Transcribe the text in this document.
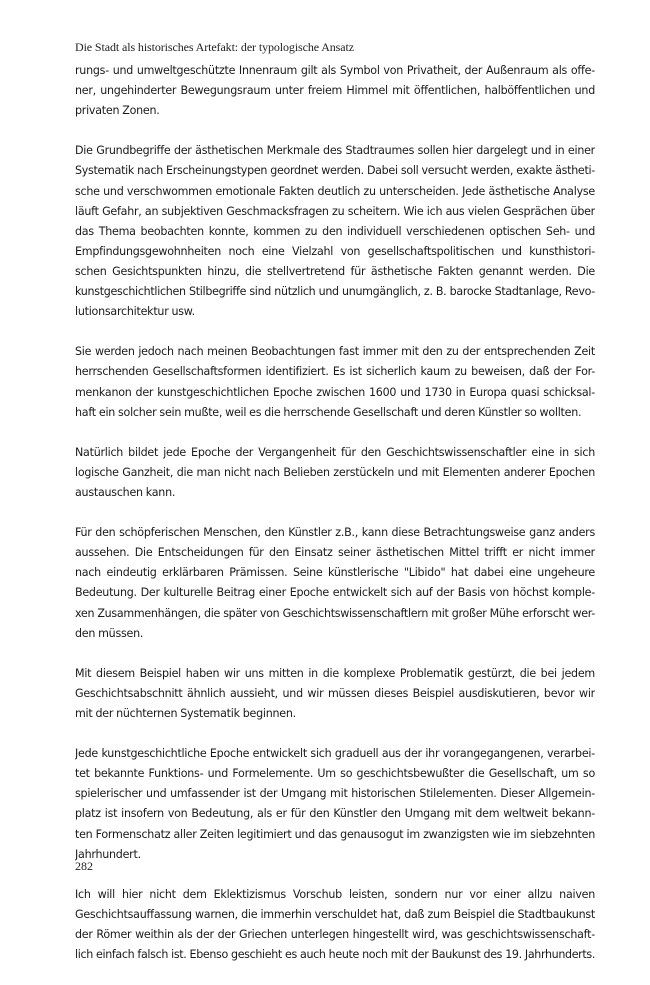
Die Stadt als historisches Artefakt: der typologische Ansatz

rungs- und umweltgeschützte Innenraum gilt als Symbol von Privatheit, der Außenraum als offe-
ner, ungehinderter Bewegungsraum unter freiem Himmel mit öffentlichen, halböffentlichen und
privaten Zonen.

Die Grundbegriffe der ästhetischen Merkmale des Stadtraumes sollen hier dargelegt und in einer
Systematik nach Erscheinungstypen geordnet werden. Dabei soll versucht werden, exakte ästheti-
sche und verschwommen emotionale Fakten deutlich zu unterscheiden. Jede ästhetische Analyse
läuft Gefahr, an subjektiven Geschmacksfragen zu scheitern. Wie ich aus vielen Gesprächen über
das Thema beobachten konnte, kommen zu den individuell verschiedenen optischen Seh- und
Empfindungsgewohnheiten noch eine Vielzahl von gesellschaftspolitischen und kunsthistori-
schen Gesichtspunkten hinzu, die stellvertretend für ästhetische Fakten genannt werden. Die
kunstgeschichtlichen Stilbegriffe sind nützlich und unumgänglich, z. B. barocke Stadtanlage, Revo-
lutionsarchitektur usw.

Sie werden jedoch nach meinen Beobachtungen fast immer mit den zu der entsprechenden Zeit
herrschenden Gesellschaftsformen identifiziert. Es ist sicherlich kaum zu beweisen, daß der For-
menkanon der kunstgeschichtlichen Epoche zwischen 1600 und 1730 in Europa quasi schicksal-
haft ein solcher sein mußte, weil es die herrschende Gesellschaft und deren Künstler so wollten.

Natürlich bildet jede Epoche der Vergangenheit für den Geschichtswissenschaftler eine in sich
logische Ganzheit, die man nicht nach Belieben zerstückeln und mit Elementen anderer Epochen
austauschen kann.

Für den schöpferischen Menschen, den Künstler z.B., kann diese Betrachtungsweise ganz anders
aussehen. Die Entscheidungen für den Einsatz seiner ästhetischen Mittel trifft er nicht immer
nach eindeutig erklärbaren Prämissen. Seine künstlerische "Libido" hat dabei eine ungeheure
Bedeutung. Der kulturelle Beitrag einer Epoche entwickelt sich auf der Basis von höchst komple-
xen Zusammenhängen, die später von Geschichtswissenschaftlern mit großer Mühe erforscht wer-
den müssen.

Mit diesem Beispiel haben wir uns mitten in die komplexe Problematik gestürzt, die bei jedem
Geschichtsabschnitt ähnlich aussieht, und wir müssen dieses Beispiel ausdiskutieren, bevor wir
mit der nüchternen Systematik beginnen.

Jede kunstgeschichtliche Epoche entwickelt sich graduell aus der ihr vorangegangenen, verarbei-
tet bekannte Funktions- und Formelemente. Um so geschichtsbewußter die Gesellschaft, um so
spielerischer und umfassender ist der Umgang mit historischen Stilelementen. Dieser Allgemein-
platz ist insofern von Bedeutung, als er für den Künstler den Umgang mit dem weltweit bekann-
ten Formenschatz aller Zeiten legitimiert und das genausogut im zwanzigsten wie im siebzehnten
Jahrhundert.

Ich will hier nicht dem Eklektizismus Vorschub leisten, sondern nur vor einer allzu naiven
Geschichtsauffassung warnen, die immerhin verschuldet hat, daß zum Beispiel die Stadtbaukunst
der Römer weithin als der der Griechen unterlegen hingestellt wird, was geschichtswissenschaft-
lich einfach falsch ist. Ebenso geschieht es auch heute noch mit der Baukunst des 19. Jahrhunderts.

282
